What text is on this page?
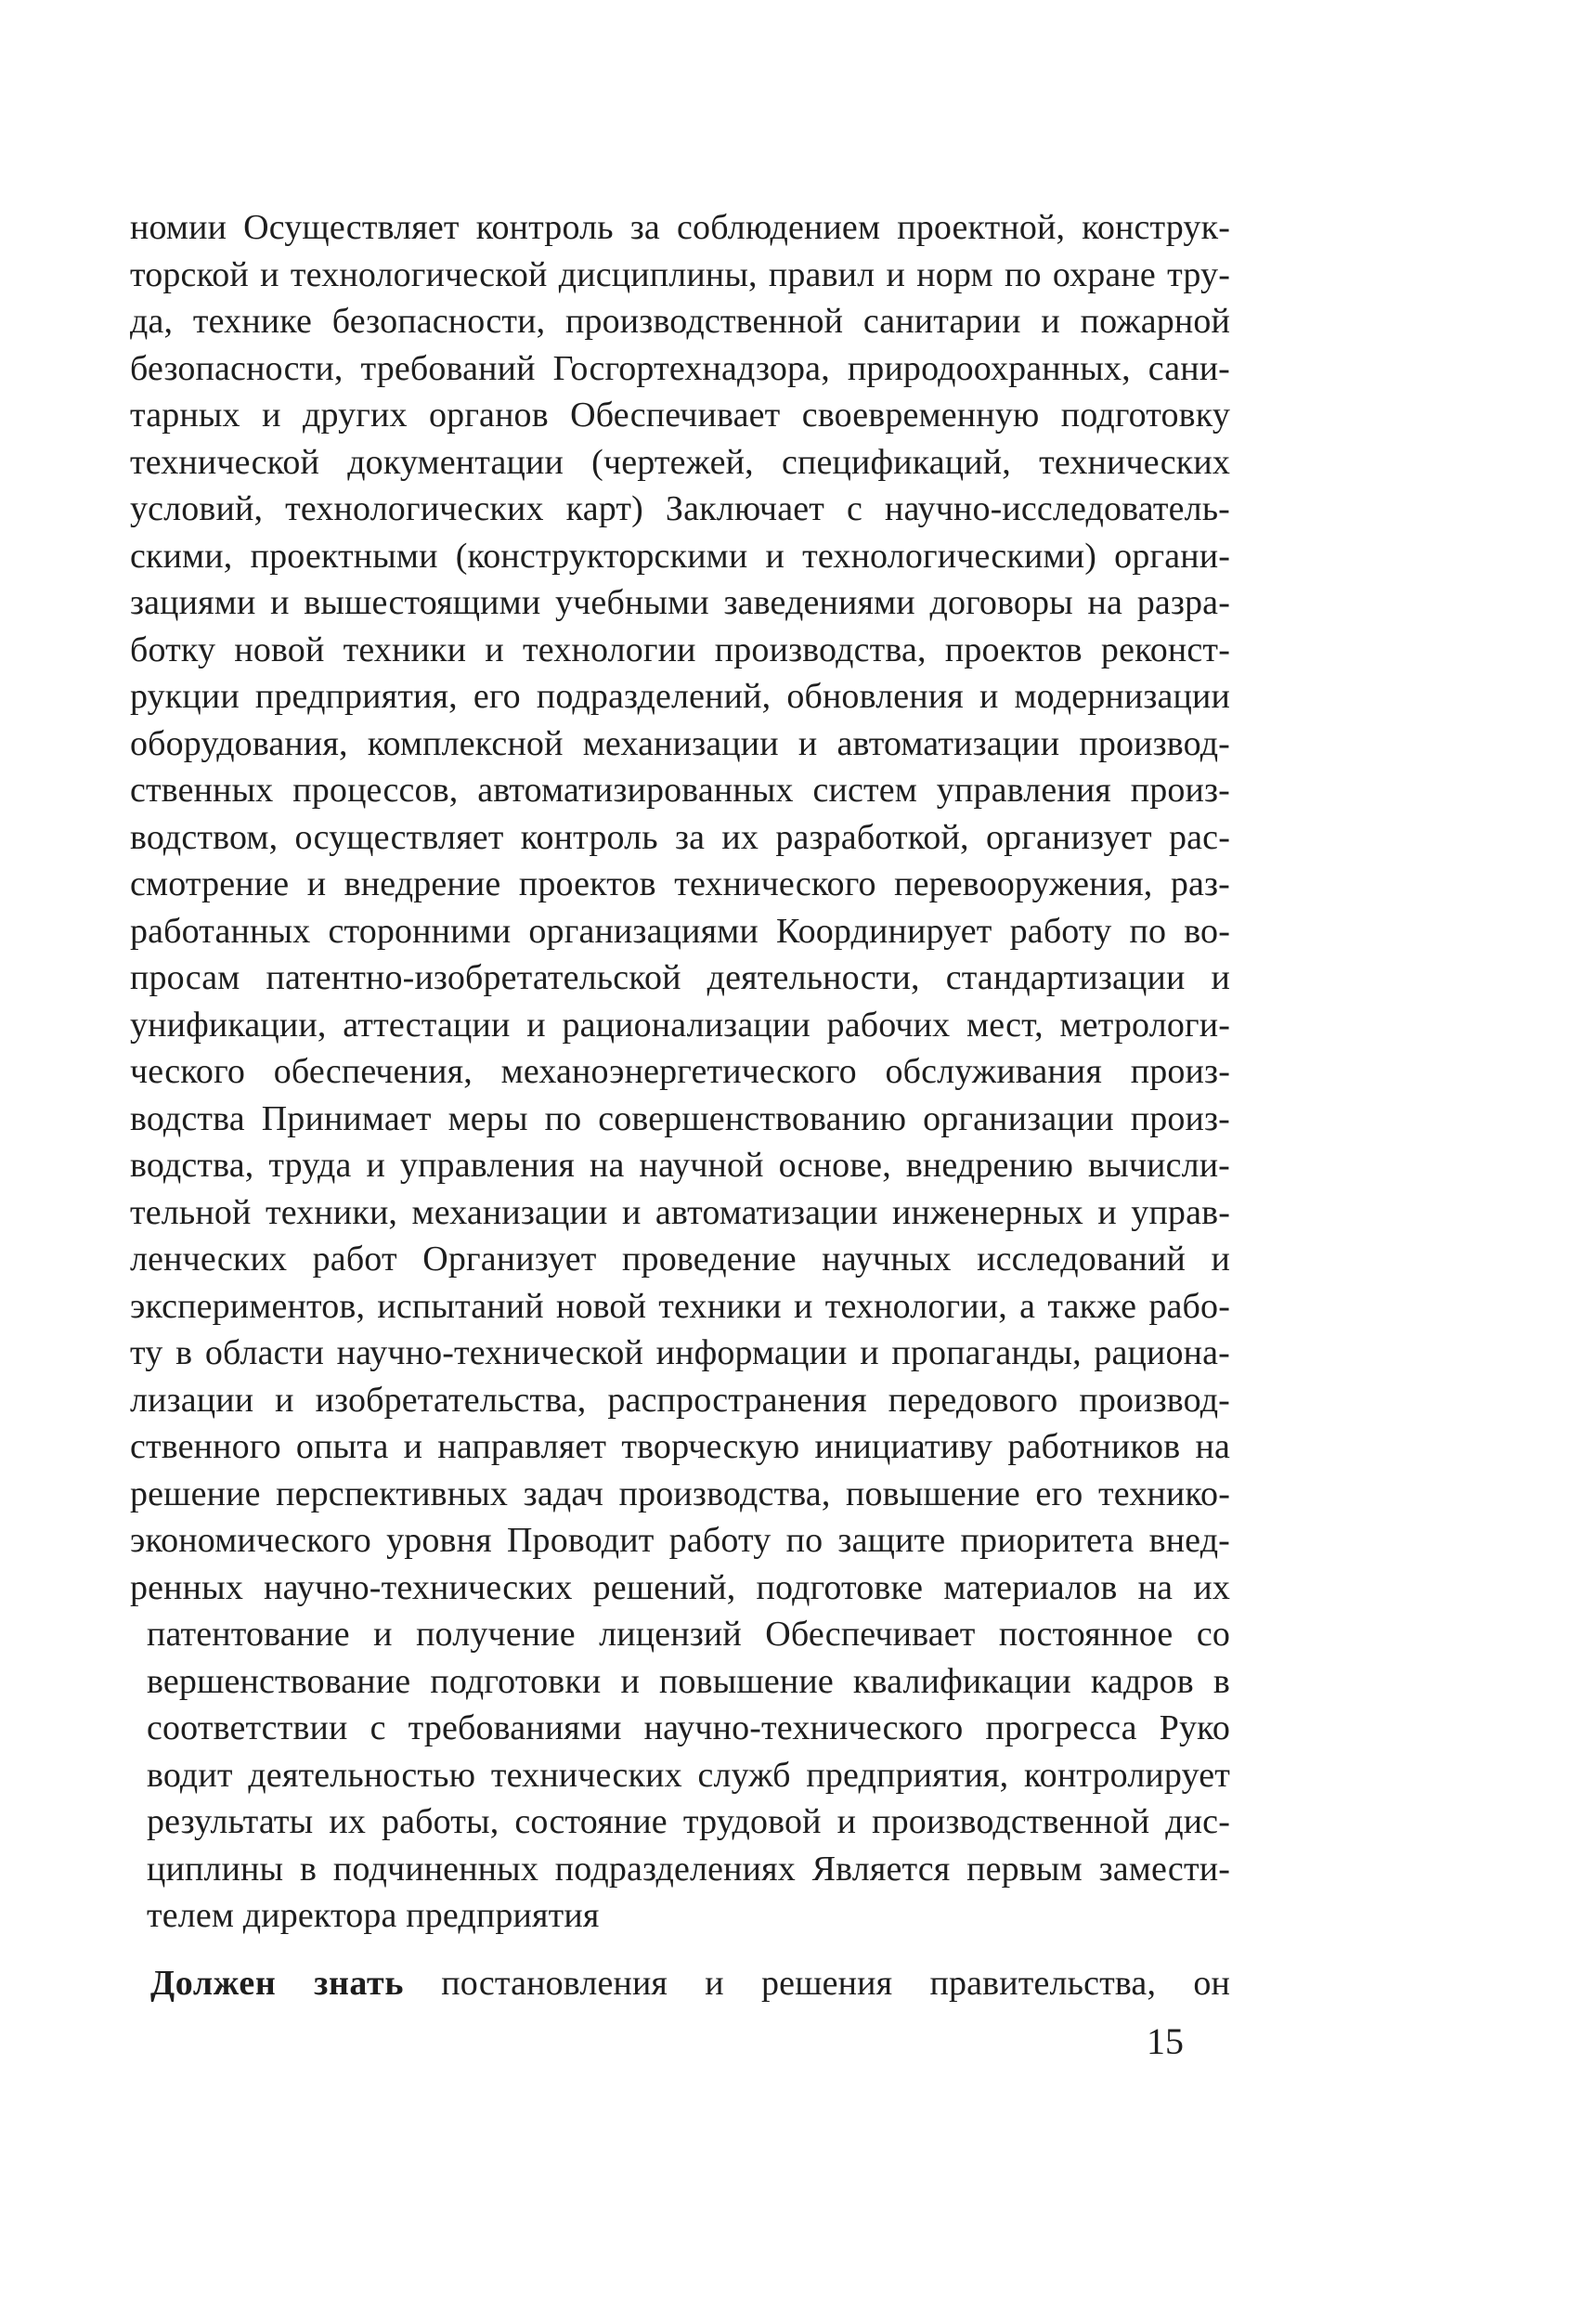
номии Осуществляет контроль за соблюдением проектной, конструк-
торской и технологической дисциплины, правил и норм по охране тру-
да, технике безопасности, производственной санитарии и пожарной
безопасности, требований Госгортехнадзора, природоохранных, сани-
тарных и других органов Обеспечивает своевременную подготовку
технической документации (чертежей, спецификаций, технических
условий, технологических карт) Заключает с научно-исследователь-
скими, проектными (конструкторскими и технологическими) органи-
зациями и вышестоящими учебными заведениями договоры на разра-
ботку новой техники и технологии производства, проектов реконст-
рукции предприятия, его подразделений, обновления и модернизации
оборудования, комплексной механизации и автоматизации производ-
ственных процессов, автоматизированных систем управления произ-
водством, осуществляет контроль за их разработкой, организует рас-
смотрение и внедрение проектов технического перевооружения, раз-
работанных сторонними организациями Координирует работу по во-
просам патентно-изобретательской деятельности, стандартизации и
унификации, аттестации и рационализации рабочих мест, метрологи-
ческого обеспечения, механоэнергетического обслуживания произ-
водства Принимает меры по совершенствованию организации произ-
водства, труда и управления на научной основе, внедрению вычисли-
тельной техники, механизации и автоматизации инженерных и управ-
ленческих работ Организует проведение научных исследований и
экспериментов, испытаний новой техники и технологии, а также рабо-
ту в области научно-технической информации и пропаганды, рациона-
лизации и изобретательства, распространения передового производ-
ственного опыта и направляет творческую инициативу работников на
решение перспективных задач производства, повышение его технико-
экономического уровня Проводит работу по защите приоритета внед-
ренных научно-технических решений, подготовке материалов на их
патентование и получение лицензий Обеспечивает постоянное со
вершенствование подготовки и повышение квалификации кадров в
соответствии с требованиями научно-технического прогресса Руко
водит деятельностью технических служб предприятия, контролирует
результаты их работы, состояние трудовой и производственной дис-
циплины в подчиненных подразделениях Является первым замести-
телем директора предприятия
Должен знать постановления и решения правительства, он
15
